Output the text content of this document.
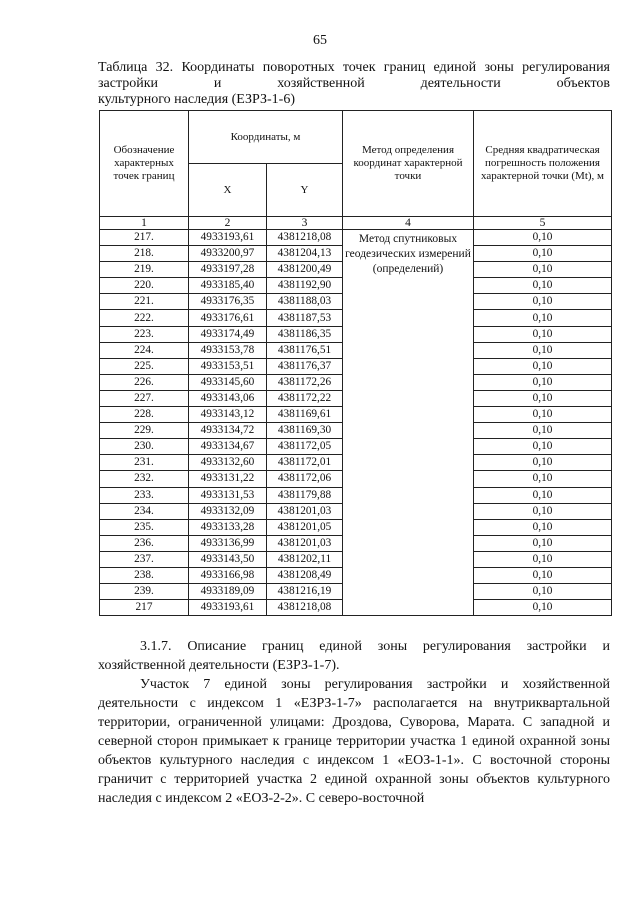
65
Таблица 32. Координаты поворотных точек границ единой зоны регулирования застройки и хозяйственной деятельности объектов
культурного наследия (ЕЗРЗ-1-6)
Обозначение характерных точек границ	Координаты, м		Метод определения координат характерной точки	Средняя квадратическая погрешность положения характерной точки (Mt), м
	X	Y		
1	2	3	4	5
217.	4933193,61	4381218,08	Метод спутниковых геодезических измерений (определений)	0,10
218.	4933200,97	4381204,13		0,10
219.	4933197,28	4381200,49		0,10
220.	4933185,40	4381192,90		0,10
221.	4933176,35	4381188,03		0,10
222.	4933176,61	4381187,53		0,10
223.	4933174,49	4381186,35		0,10
224.	4933153,78	4381176,51		0,10
225.	4933153,51	4381176,37		0,10
226.	4933145,60	4381172,26		0,10
227.	4933143,06	4381172,22		0,10
228.	4933143,12	4381169,61		0,10
229.	4933134,72	4381169,30		0,10
230.	4933134,67	4381172,05		0,10
231.	4933132,60	4381172,01		0,10
232.	4933131,22	4381172,06		0,10
233.	4933131,53	4381179,88		0,10
234.	4933132,09	4381201,03		0,10
235.	4933133,28	4381201,05		0,10
236.	4933136,99	4381201,03		0,10
237.	4933143,50	4381202,11		0,10
238.	4933166,98	4381208,49		0,10
239.	4933189,09	4381216,19		0,10
217	4933193,61	4381218,08		0,10
3.1.7. Описание границ единой зоны регулирования застройки и хозяйственной деятельности (ЕЗРЗ-1-7).
Участок 7 единой зоны регулирования застройки и хозяйственной деятельности с индексом 1 «ЕЗРЗ-1-7» располагается на внутриквартальной территории, ограниченной улицами: Дроздова, Суворова, Марата. С западной и северной сторон примыкает к границе территории участка 1 единой охранной зоны объектов культурного наследия с индексом 1 «ЕОЗ-1-1». С восточной стороны граничит с территорией участка 2 единой охранной зоны объектов культурного наследия с индексом 2 «ЕОЗ-2-2». С северо-восточной
